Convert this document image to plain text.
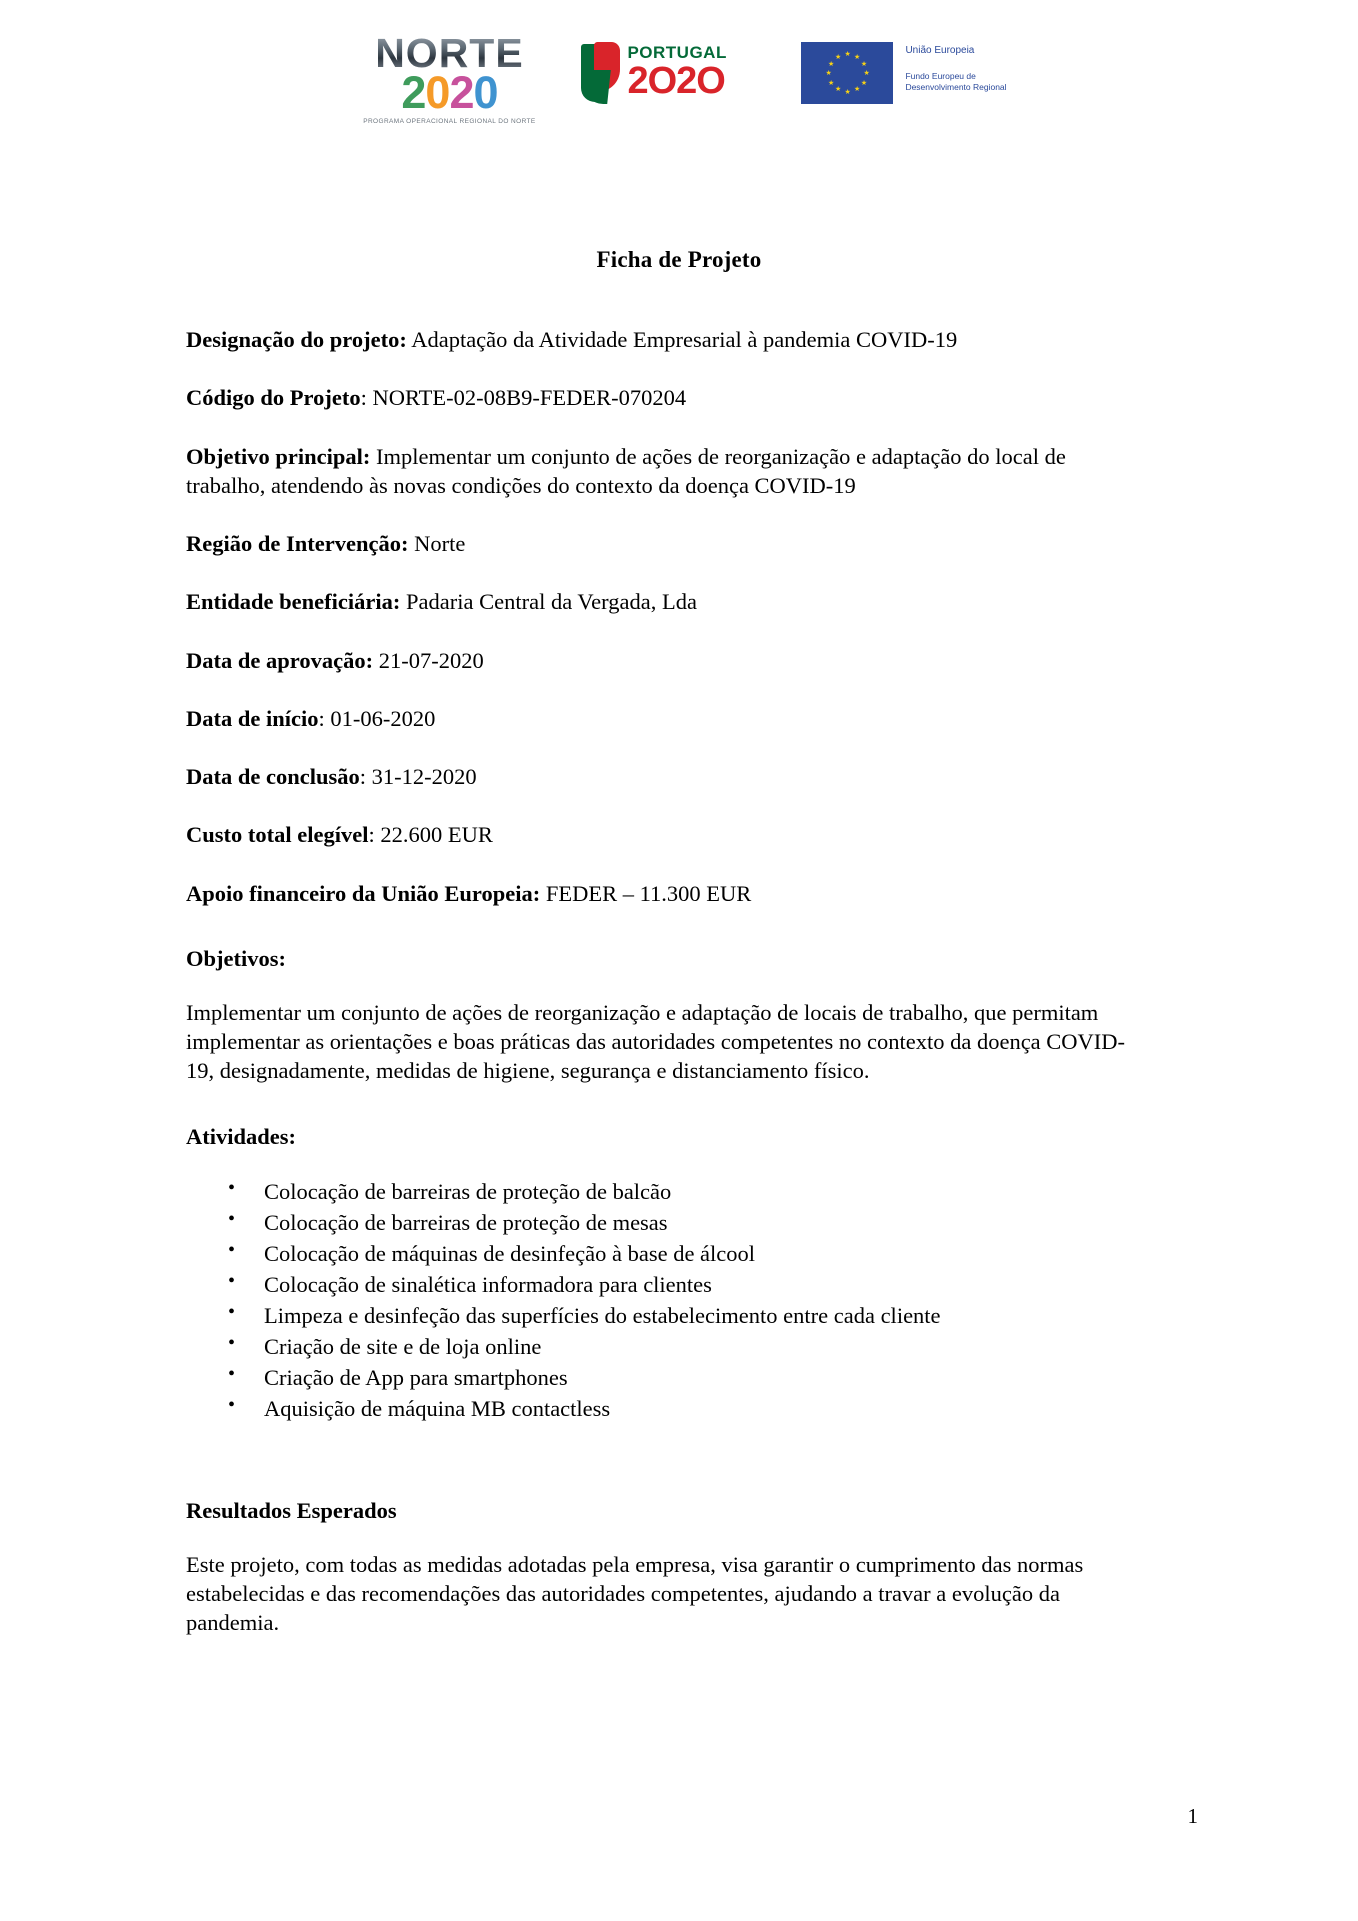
NORTE
2 0 2 0
PROGRAMA OPERACIONAL REGIONAL DO NORTE
PORTUGAL
2O2O
★ ★
★
★
★
★
★
★
★
★
★
★
União Europeia
Fundo Europeu de
Desenvolvimento Regional
Ficha de Projeto

Designação do projeto: Adaptação da Atividade Empresarial à pandemia COVID-19

Código do Projeto: NORTE-02-08B9-FEDER-070204

Objetivo principal: Implementar um conjunto de ações de reorganização e adaptação do local de trabalho, atendendo às novas condições do contexto da doença COVID-19

Região de Intervenção: Norte

Entidade beneficiária: Padaria Central da Vergada, Lda

Data de aprovação: 21-07-2020

Data de início: 01-06-2020

Data de conclusão: 31-12-2020

Custo total elegível: 22.600 EUR

Apoio financeiro da União Europeia: FEDER – 11.300 EUR

Objetivos:

Implementar um conjunto de ações de reorganização e adaptação de locais de trabalho, que permitam implementar as orientações e boas práticas das autoridades competentes no contexto da doença COVID-19, designadamente, medidas de higiene, segurança e distanciamento físico.

Atividades:
• Colocação de barreiras de proteção de balcão
• Colocação de barreiras de proteção de mesas
• Colocação de máquinas de desinfeção à base de álcool
• Colocação de sinalética informadora para clientes
• Limpeza e desinfeção das superfícies do estabelecimento entre cada cliente
• Criação de site e de loja online
• Criação de App para smartphones
• Aquisição de máquina MB contactless
Resultados Esperados

Este projeto, com todas as medidas adotadas pela empresa, visa garantir o cumprimento das normas estabelecidas e das recomendações das autoridades competentes, ajudando a travar a evolução da pandemia.

1
